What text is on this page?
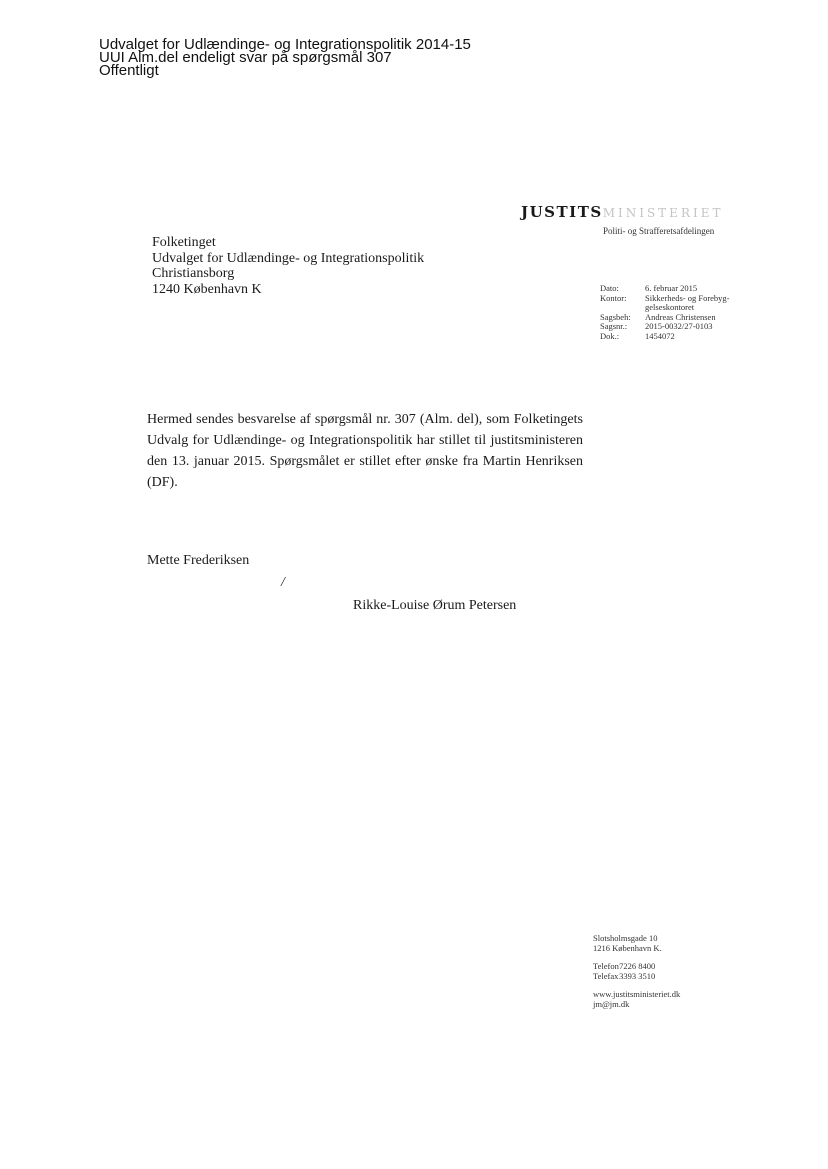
Udvalget for Udlændinge- og Integrationspolitik 2014-15
UUI Alm.del endeligt svar på spørgsmål 307
Offentligt
JUSTITSMINISTERIET
Politi- og Strafferetsafdelingen
Folketinget
Udvalget for Udlændinge- og Integrationspolitik
Christiansborg
1240 København K	Dato:	6. februar 2015
Kontor:	Sikkerheds- og Forebyg-
	gelseskontoret
Sagsbeh:	Andreas Christensen
Sagsnr.:	2015-0032/27-0103
Dok.:	1454072
Hermed sendes besvarelse af spørgsmål nr. 307 (Alm. del), som Folketingets Udvalg for Udlændinge- og Integrationspolitik har stillet til justitsministeren den 13. januar 2015. Spørgsmålet er stillet efter ønske fra Martin Henriksen (DF).
Mette Frederiksen
/
Rikke-Louise Ørum Petersen
Slotsholmsgade 10
1216 København K.
Telefon 7226 8400
Telefax 3393 3510
www.justitsministeriet.dk
jm@jm.dk
